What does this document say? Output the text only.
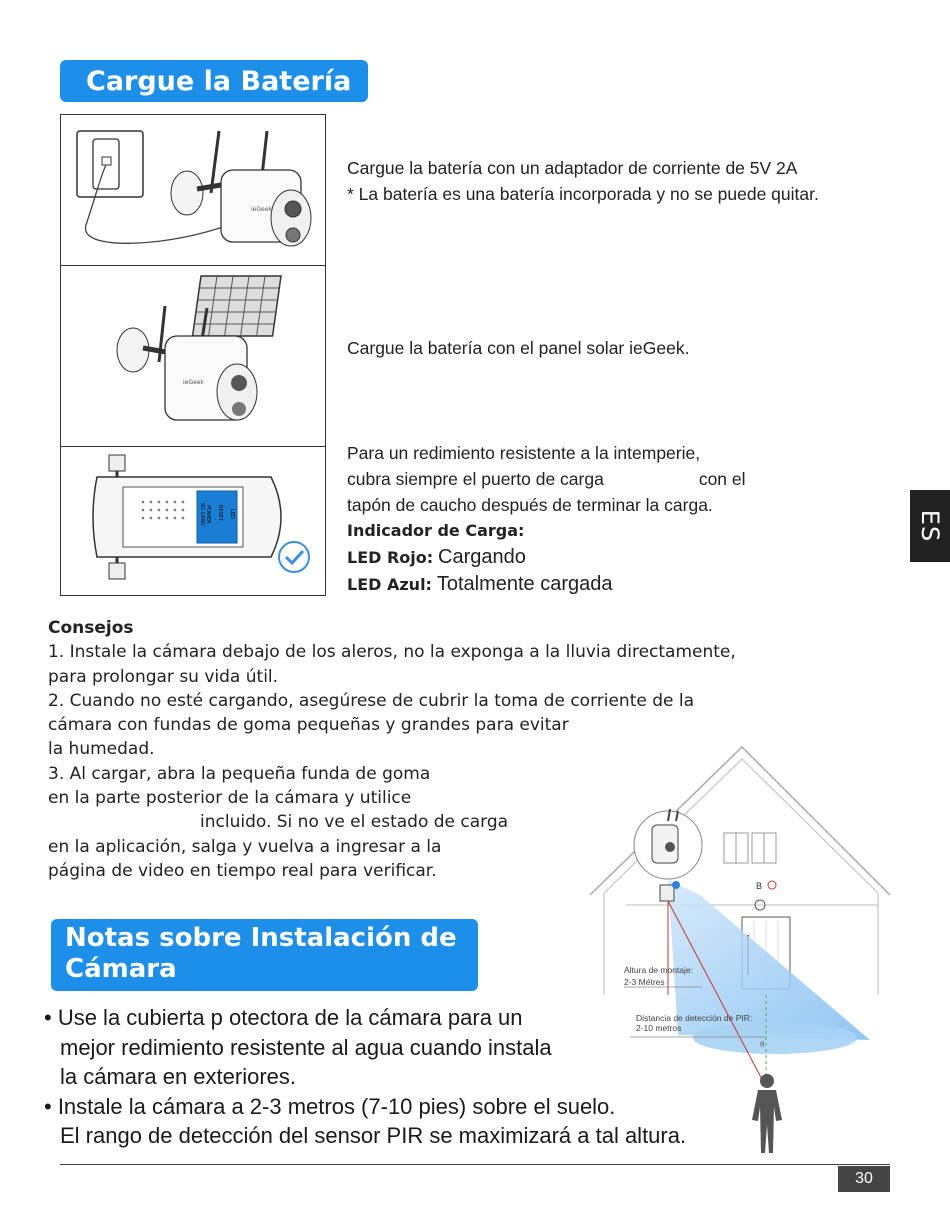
Cargue la Batería
ieGeek
ieGeek
POWER RESET LED
SD CARD
Cargue la batería con un adaptador de corriente de 5V 2A
* La batería es una batería incorporada y no se puede quitar.
Cargue la batería con el panel solar ieGeek.
Para un redimiento resistente a la intemperie,
cubra siempre el puerto de carga	con el
tapón de caucho después de terminar la carga.
Indicador de Carga:
LED Rojo: Cargando
LED Azul: Totalmente cargada
ES
Consejos
1. Instale la cámara debajo de los aleros, no la exponga a la lluvia directamente,
para prolongar su vida útil.
2. Cuando no esté cargando, asegúrese de cubrir la toma de corriente de la
cámara con fundas de goma pequeñas y grandes para evitar
la humedad.
3. Al cargar, abra la pequeña funda de goma
en la parte posterior de la cámara y utilice
incluido. Si no ve el estado de carga
en la aplicación, salga y vuelva a ingresar a la
página de video en tiempo real para verificar.
Notas sobre Instalación de
Cámara
• Use la cubierta p otectora de la cámara para un
mejor redimiento resistente al agua cuando instala
la cámara en exteriores.
• Instale la cámara a 2-3 metros (7-10 pies) sobre el suelo.
El rango de detección del sensor PIR se maximizará a tal altura.
B
Altura de montaje:
2-3 Métres
Distancia de detección de PIR:
2-10 metros
θ
30
